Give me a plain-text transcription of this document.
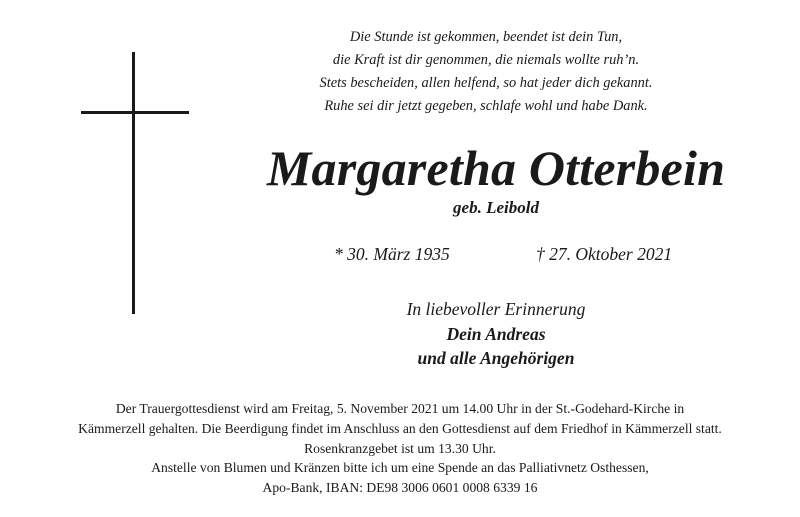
Die Stunde ist gekommen, beendet ist dein Tun,
die Kraft ist dir genommen, die niemals wollte ruh’n.
Stets bescheiden, allen helfend, so hat jeder dich gekannt.
Ruhe sei dir jetzt gegeben, schlafe wohl und habe Dank.
Margaretha Otterbein
geb. Leibold
* 30. März 1935	† 27. Oktober 2021
In liebevoller Erinnerung
Dein Andreas
und alle Angehörigen
Der Trauergottesdienst wird am Freitag, 5. November 2021 um 14.00 Uhr in der St.-Godehard-Kirche in
Kämmerzell gehalten. Die Beerdigung findet im Anschluss an den Gottesdienst auf dem Friedhof in Kämmerzell statt.
Rosenkranzgebet ist um 13.30 Uhr.
Anstelle von Blumen und Kränzen bitte ich um eine Spende an das Palliativnetz Osthessen,
Apo-Bank, IBAN: DE98 3006 0601 0008 6339 16
